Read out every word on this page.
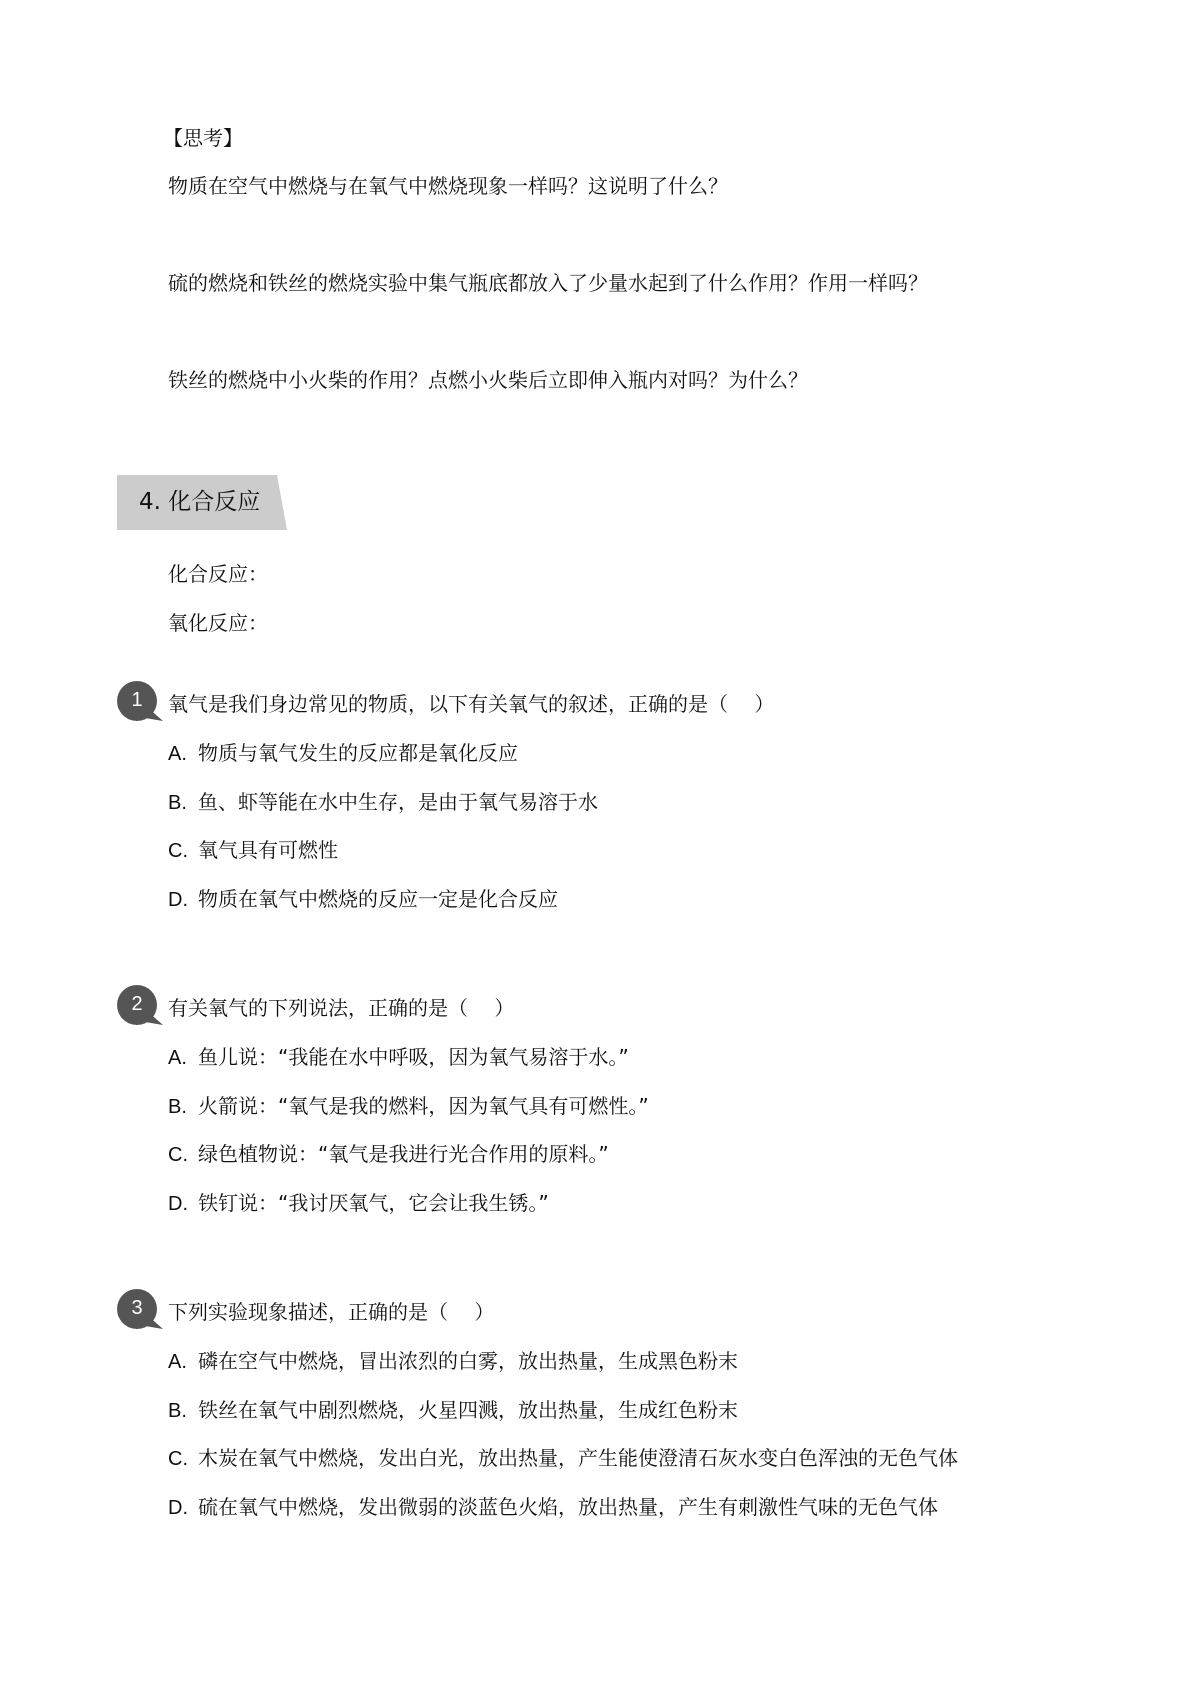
【思考】
物质在空气中燃烧与在氧气中燃烧现象一样吗？这说明了什么？
硫的燃烧和铁丝的燃烧实验中集气瓶底都放入了少量水起到了什么作用？作用一样吗？
铁丝的燃烧中小火柴的作用？点燃小火柴后立即伸入瓶内对吗？为什么？
4. 化合反应
化合反应：
氧化反应：
1	氧气是我们身边常见的物质，以下有关氧气的叙述，正确的是（　 ）
A. 物质与氧气发生的反应都是氧化反应
B. 鱼、虾等能在水中生存，是由于氧气易溶于水
C. 氧气具有可燃性
D. 物质在氧气中燃烧的反应一定是化合反应
2	有关氧气的下列说法，正确的是（　 ）
A. 鱼儿说：“我能在水中呼吸，因为氧气易溶于水。”
B. 火箭说：“氧气是我的燃料，因为氧气具有可燃性。”
C. 绿色植物说：“氧气是我进行光合作用的原料。”
D. 铁钉说：“我讨厌氧气，它会让我生锈。”
3	下列实验现象描述，正确的是（　 ）
A. 磷在空气中燃烧，冒出浓烈的白雾，放出热量，生成黑色粉末
B. 铁丝在氧气中剧烈燃烧，火星四溅，放出热量，生成红色粉末
C. 木炭在氧气中燃烧，发出白光，放出热量，产生能使澄清石灰水变白色浑浊的无色气体
D. 硫在氧气中燃烧，发出微弱的淡蓝色火焰，放出热量，产生有刺激性气味的无色气体
